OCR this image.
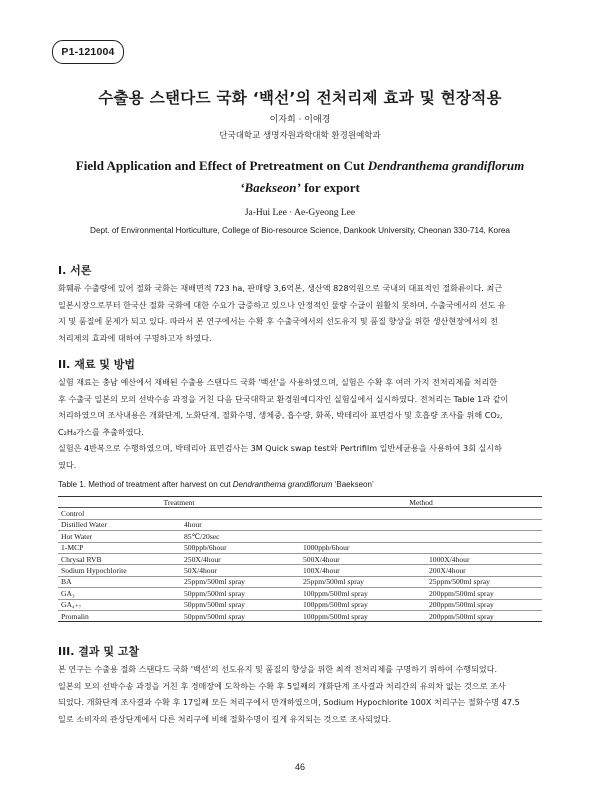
P1-121004
수출용 스탠다드 국화 ‘백선’의 전처리제 효과 및 현장적용
이자희 · 이애경
단국대학교 생명자원과학대학 환경원예학과
Field Application and Effect of Pretreatment on Cut Dendranthema grandiflorum
‘Baekseon’ for export
Ja-Hui Lee · Ae-Gyeong Lee
Dept. of Environmental Horticulture, College of Bio-resource Science, Dankook University, Cheonan 330-714, Korea
I. 서론
화훼류 수출량에 있어 절화 국화는 재배면적 723 ha, 판매량 3,6억본, 생산액 828억원으로 국내의 대표적인 절화류이다. 최근
일본시장으로부터 한국산 절화 국화에 대한 수요가 급증하고 있으나 안정적인 물량 수급이 원활치 못하며, 수출국에서의 선도 유
지 및 품질에 문제가 되고 있다. 따라서 본 연구에서는 수확 후 수출국에서의 선도유지 및 품질 향상을 위한 생산현장에서의 전
처리제의 효과에 대하여 구명하고자 하였다.
II. 재료 및 방법
실험 재료는 충남 예산에서 재배된 수출용 스탠다드 국화 '백선'을 사용하였으며, 실험은 수확 후 여러 가지 전처리제를 처리한
후 수출국 일본의 모의 선박수송 과정을 거친 다음 단국대학교 환경원예디자인 실험실에서 실시하였다. 전처리는 Table 1과 같이
처리하였으며 조사내용은 개화단계, 노화단계, 절화수명, 생체중, 흡수량, 화폭, 박테리아 표면검사 및 호흡량 조사를 위해 CO₂,
C₂H₄가스를 추출하였다.
실험은 4반복으로 수행하였으며, 박테리아 표면검사는 3M Quick swap test와 Pertrifilm 일반세균용을 사용하여 3회 실시하
였다.
Table 1. Method of treatment after harvest on cut Dendranthema grandiflorum ‘Baekseon’
Treatment		Method	
Control			
Distilled Water	4hour		
Hot Water	85℃/20sec		
1-MCP	500ppb/6hour	1000ppb/6hour	
Chrysal RVB	250X/4hour	500X/4hour	1000X/4hour
Sodium Hypochlorite	50X/4hour	100X/4hour	200X/4hour
BA	25ppm/500ml spray	25ppm/500ml spray	25ppm/500ml spray
GA₃	50ppm/500ml spray	100ppm/500ml spray	200ppm/500ml spray
GA₄₊₇	50ppm/500ml spray	100ppm/500ml spray	200ppm/500ml spray
Promalin	50ppm/500ml spray	100ppm/500ml spray	200ppm/500ml spray
III. 결과 및 고찰
본 연구는 수출용 절화 스탠다드 국화 '백선'의 선도유지 및 품질의 향상을 위한 최적 전처리제를 구명하기 위하여 수행되었다.
일본의 모의 선박수송 과정을 거친 후 경매장에 도착하는 수확 후 5일째의 개화단계 조사결과 처리간의 유의차 없는 것으로 조사
되었다. 개화단계 조사결과 수확 후 17일째 모든 처리구에서 만개하였으며, Sodium Hypochlorite 100X 처리구는 절화수명 47.5
일로 소비자의 관상단계에서 다른 처리구에 비해 절화수명이 길게 유지되는 것으로 조사되었다.
46
